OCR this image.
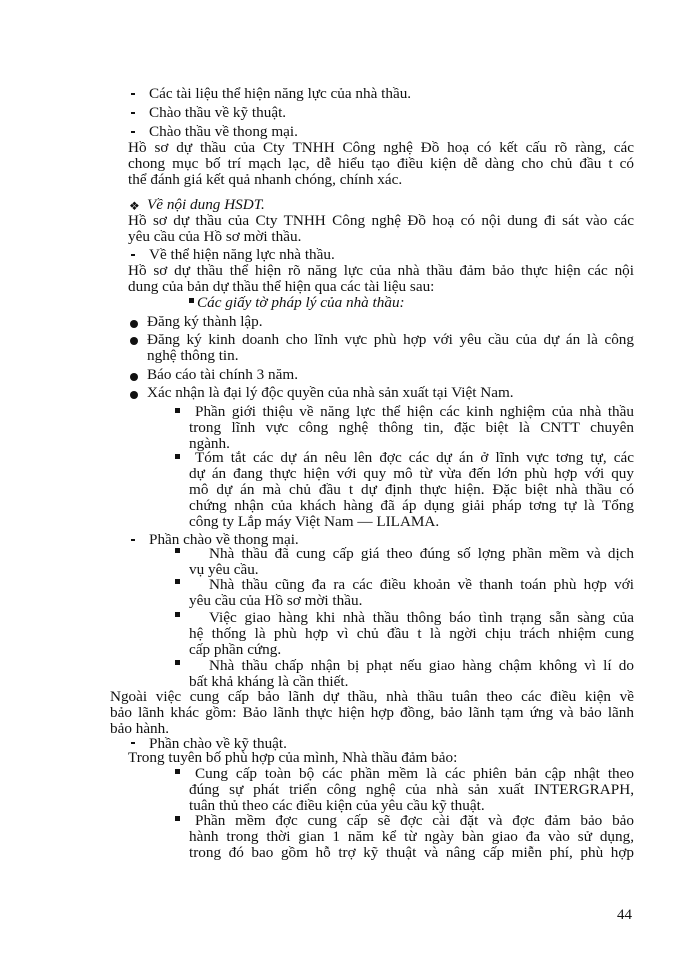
❖
Các tài liệu thể hiện năng lực của nhà thầu.
Chào thầu về kỹ thuật.
Chào thầu về thong mại.
Hồ sơ dự thầu của Cty TNHH Công nghệ Đồ hoạ có kết cấu rõ ràng, các
chong mục bố trí mạch lạc, dễ hiểu tạo điều kiện dễ dàng cho chủ đầu t có
thể đánh giá kết quả nhanh chóng, chính xác.
Về nội dung HSDT.
Hồ sơ dự thầu của Cty TNHH Công nghệ Đồ hoạ có nội dung đi sát vào các
yêu cầu của Hồ sơ mời thầu.
Về thể hiện năng lực nhà thầu.
Hồ sơ dự thầu thể hiện rõ năng lực của nhà thầu đảm bảo thực hiện các nội
dung của bản dự thầu thể hiện qua các tài liệu sau:
Các giấy tờ pháp lý của nhà thầu:
Đăng ký thành lập.
Đăng ký kinh doanh cho lĩnh vực phù hợp với yêu cầu của dự án là công
nghệ thông tin.
Báo cáo tài chính 3 năm.
Xác nhận là đại lý độc quyền của nhà sản xuất tại Việt Nam.
Phần giới thiệu về năng lực thể hiện các kinh nghiệm của nhà thầu
trong lĩnh vực công nghệ thông tin, đặc biệt là CNTT chuyên
ngành.
Tóm tắt các dự án nêu lên đợc các dự án ở lĩnh vực tơng tự, các
dự án đang thực hiện với quy mô từ vừa đến lớn phù hợp với quy
mô dự án mà chủ đầu t dự định thực hiện. Đặc biệt nhà thầu có
chứng nhận của khách hàng đã áp dụng giải pháp tơng tự là Tổng
công ty Lắp máy Việt Nam — LILAMA.
Phần chào về thong mại.
Nhà thầu đã cung cấp giá theo đúng số lợng phần mềm và dịch
vụ yêu cầu.
Nhà thầu cũng đa ra các điều khoản về thanh toán phù hợp với
yêu cầu của Hồ sơ mời thầu.
Việc giao hàng khi nhà thầu thông báo tình trạng sẵn sàng của
hệ thống là phù hợp vì chủ đầu t là ngời chịu trách nhiệm cung
cấp phần cứng.
Nhà thầu chấp nhận bị phạt nếu giao hàng chậm không vì lí do
bất khả kháng là cần thiết.
Ngoài việc cung cấp bảo lãnh dự thầu, nhà thầu tuân theo các điều kiện về
bảo lãnh khác gồm: Bảo lãnh thực hiện hợp đồng, bảo lãnh tạm ứng và bảo lãnh
bảo hành.
Phần chào về kỹ thuật.
Trong tuyên bố phù hợp của mình, Nhà thầu đảm bảo:
Cung cấp toàn bộ các phần mềm là các phiên bản cập nhật theo
đúng sự phát triển công nghệ của nhà sản xuất INTERGRAPH,
tuân thủ theo các điều kiện của yêu cầu kỹ thuật.
Phần mềm đợc cung cấp sẽ đợc cài đặt và đợc đảm bảo bảo
hành trong thời gian 1 năm kể từ ngày bàn giao đa vào sử dụng,
trong đó bao gồm hỗ trợ kỹ thuật và nâng cấp miễn phí, phù hợp
44
